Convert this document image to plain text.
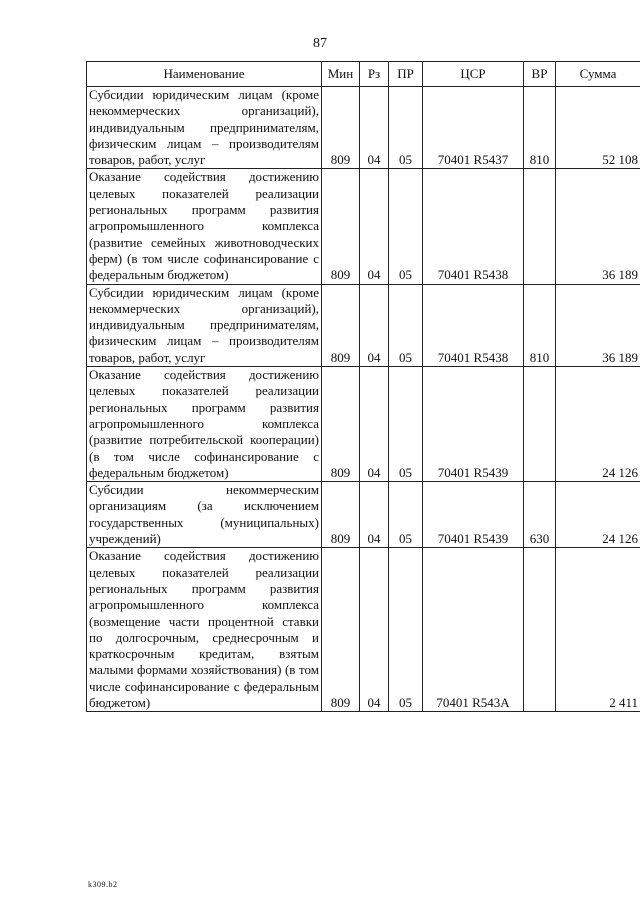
87
Наименование	Мин	Рз	ПР	ЦСР	ВР	Сумма
Субсидии юридическим лицам (кроме некоммерческих организаций), индивидуальным предпринимателям, физическим лицам – производителям товаров, работ, услуг	809	04	05	70401 R5437	810	52 108
Оказание содействия достижению целевых показателей реализации региональных программ развития агропромышленного комплекса (развитие семейных животноводческих ферм) (в том числе софинансирование с федеральным бюджетом)	809	04	05	70401 R5438		36 189
Субсидии юридическим лицам (кроме некоммерческих организаций), индивидуальным предпринимателям, физическим лицам – производителям товаров, работ, услуг	809	04	05	70401 R5438	810	36 189
Оказание содействия достижению целевых показателей реализации региональных программ развития агропромышленного комплекса (развитие потребительской кооперации) (в том числе софинансирование с федеральным бюджетом)	809	04	05	70401 R5439		24 126
Субсидии некоммерческим организациям (за исключением государственных (муниципальных) учреждений)	809	04	05	70401 R5439	630	24 126
Оказание содействия достижению целевых показателей реализации региональных программ развития агропромышленного комплекса (возмещение части процентной ставки по долгосрочным, среднесрочным и краткосрочным кредитам, взятым малыми формами хозяйствования) (в том числе софинансирование с федеральным бюджетом)	809	04	05	70401 R543A		2 411
k309.b2
